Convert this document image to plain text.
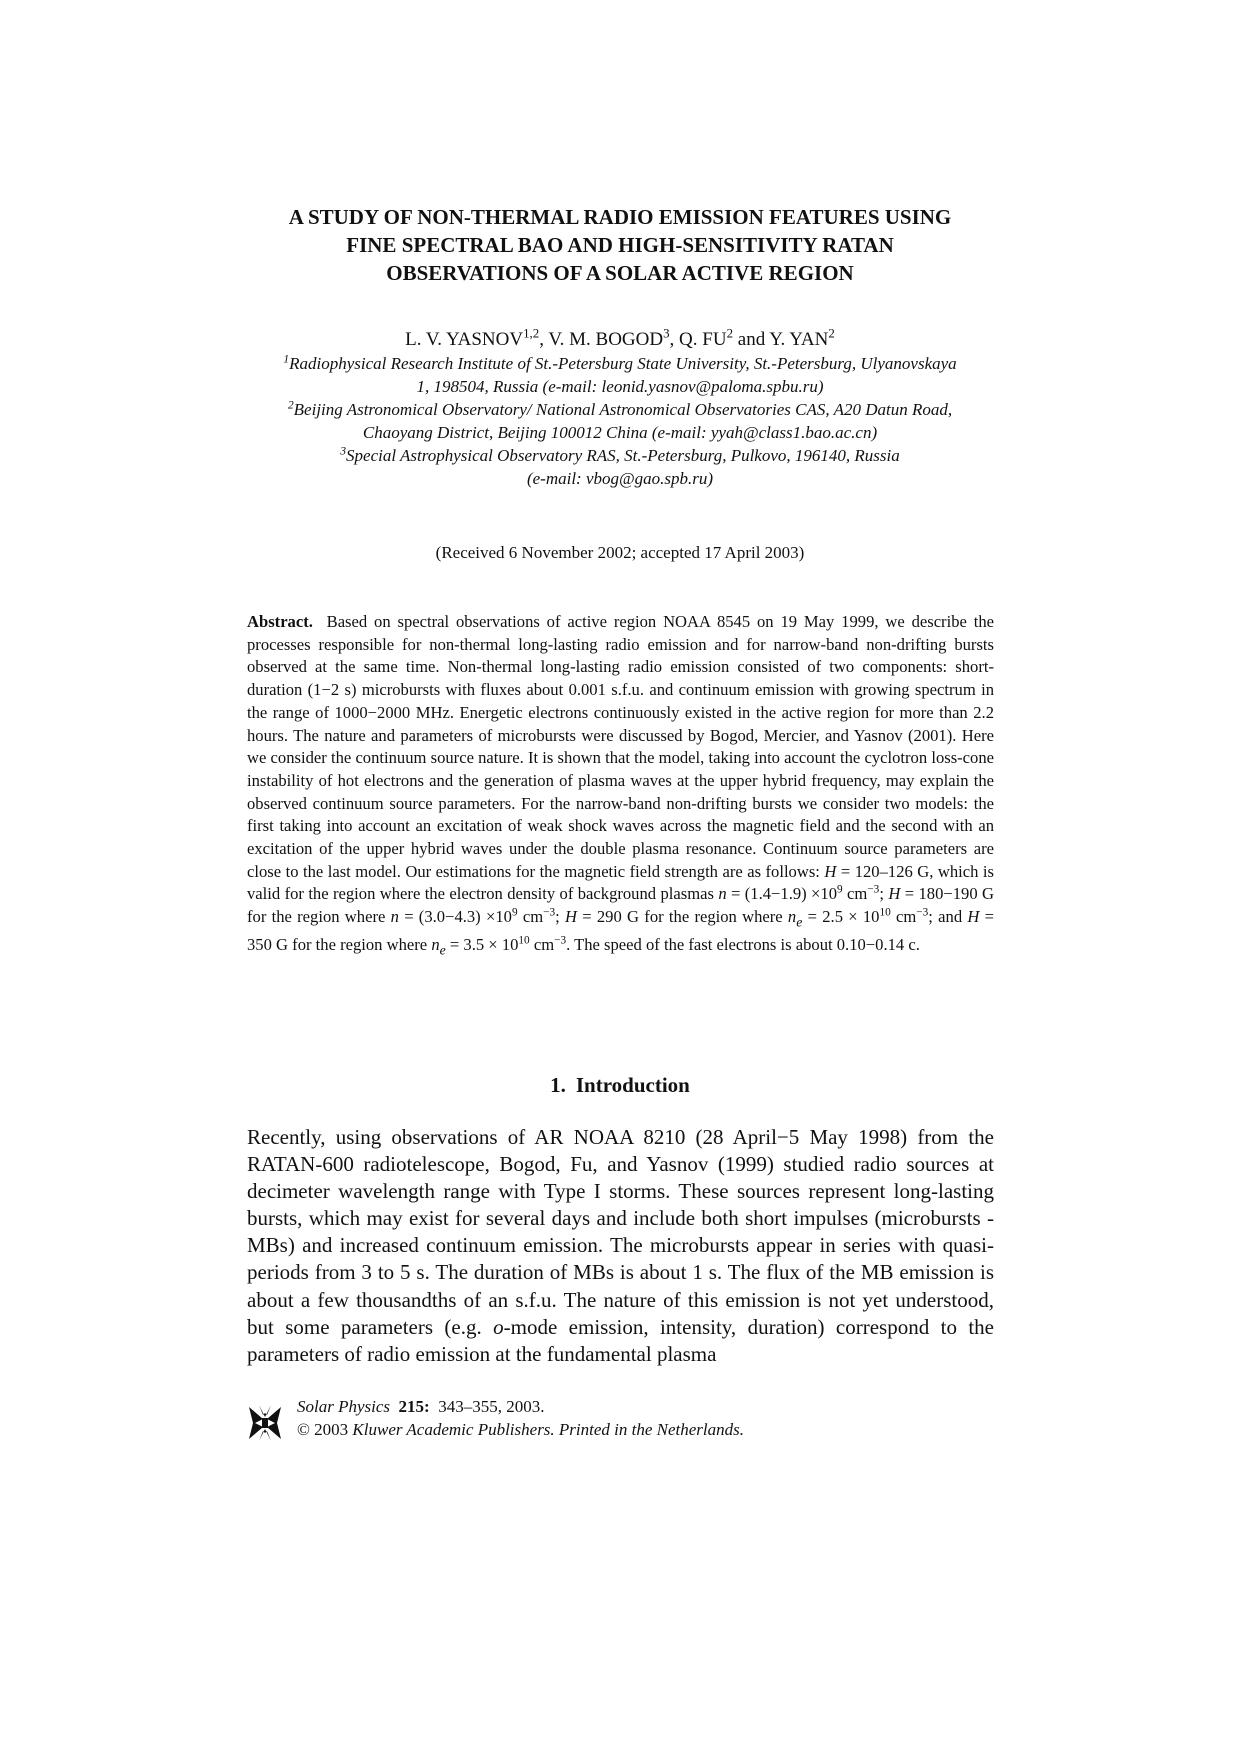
A STUDY OF NON-THERMAL RADIO EMISSION FEATURES USING
FINE SPECTRAL BAO AND HIGH-SENSITIVITY RATAN
OBSERVATIONS OF A SOLAR ACTIVE REGION
L. V. YASNOV$^{1,2}$, V. M. BOGOD$^3$, Q. $FU^2$ and Y. YAN$^2$
$^1$Radiophysical Research Institute of St.-Petersburg State University, St.-Petersburg, Ulyanovskaya
1, 198504, Russia (e-mail: leonid.yasnov@paloma.spbu.ru)
$^2$Beijing Astronomical Observatory/ National Astronomical Observatories CAS, A20 Datun Road,
Chaoyang District, Beijing 100012 China (e-mail: yyah@class1.bao.ac.cn)
$^3$Special Astrophysical Observatory RAS, St.-Petersburg, Pulkovo, 196140, Russia
(e-mail: vbog@gao.spb.ru)
(Received 6 November 2002; accepted 17 April 2003)

Abstract. Based on spectral observations of active region NOAA 8545 on 19 May 1999, we describe the processes responsible for non-thermal long-lasting radio emission and for narrow-band non-drifting bursts observed at the same time. Non-thermal long-lasting radio emission consisted of two components: short-duration (1−2 s) microbursts with fluxes about 0.001 s.f.u. and continuum emission with growing spectrum in the range of 1000−2000 MHz. Energetic electrons continuously existed in the active region for more than 2.2 hours. The nature and parameters of microbursts were discussed by Bogod, Mercier, and Yasnov (2001). Here we consider the continuum source nature. It is shown that the model, taking into account the cyclotron loss-cone instability of hot electrons and the generation of plasma waves at the upper hybrid frequency, may explain the observed continuum source parameters. For the narrow-band non-drifting bursts we consider two models: the first taking into account an excitation of weak shock waves across the magnetic field and the second with an excitation of the upper hybrid waves under the double plasma resonance. Continuum source parameters are close to the last model. Our estimations for the magnetic field strength are as follows: H = 120–126 G, which is valid for the region where the electron density of background plasmas $n = (1.4-1.9) \times 10^9$ $cm^{-3}$; H = 180−190 G for the region where $n = (3.0-4.3) \times 10^9$ $cm^{-3}$; H = 290 G for the region where $n_e = 2.5 \times 10^{10}$ $cm^{-3}$; and H = 350 G for the region where $n_e = 3.5 \times 10^{10}$ $cm^{-3}$. The speed of the fast electrons is about 0.10−0.14 c.

1. Introduction

Recently, using observations of AR NOAA 8210 (28 April−5 May 1998) from the RATAN-600 radiotelescope, Bogod, Fu, and Yasnov (1999) studied radio sources at decimeter wavelength range with Type I storms. These sources represent long-lasting bursts, which may exist for several days and include both short impulses (microbursts - MBs) and increased continuum emission. The microbursts appear in series with quasi-periods from 3 to 5 s. The duration of MBs is about 1 s. The flux of the MB emission is about a few thousandths of an s.f.u. The nature of this emission is not yet understood, but some parameters (e.g. o-mode emission, intensity, duration) correspond to the parameters of radio emission at the fundamental plasma

Solar Physics 215: 343–355, 2003.
© 2003 Kluwer Academic Publishers. Printed in the Netherlands.
